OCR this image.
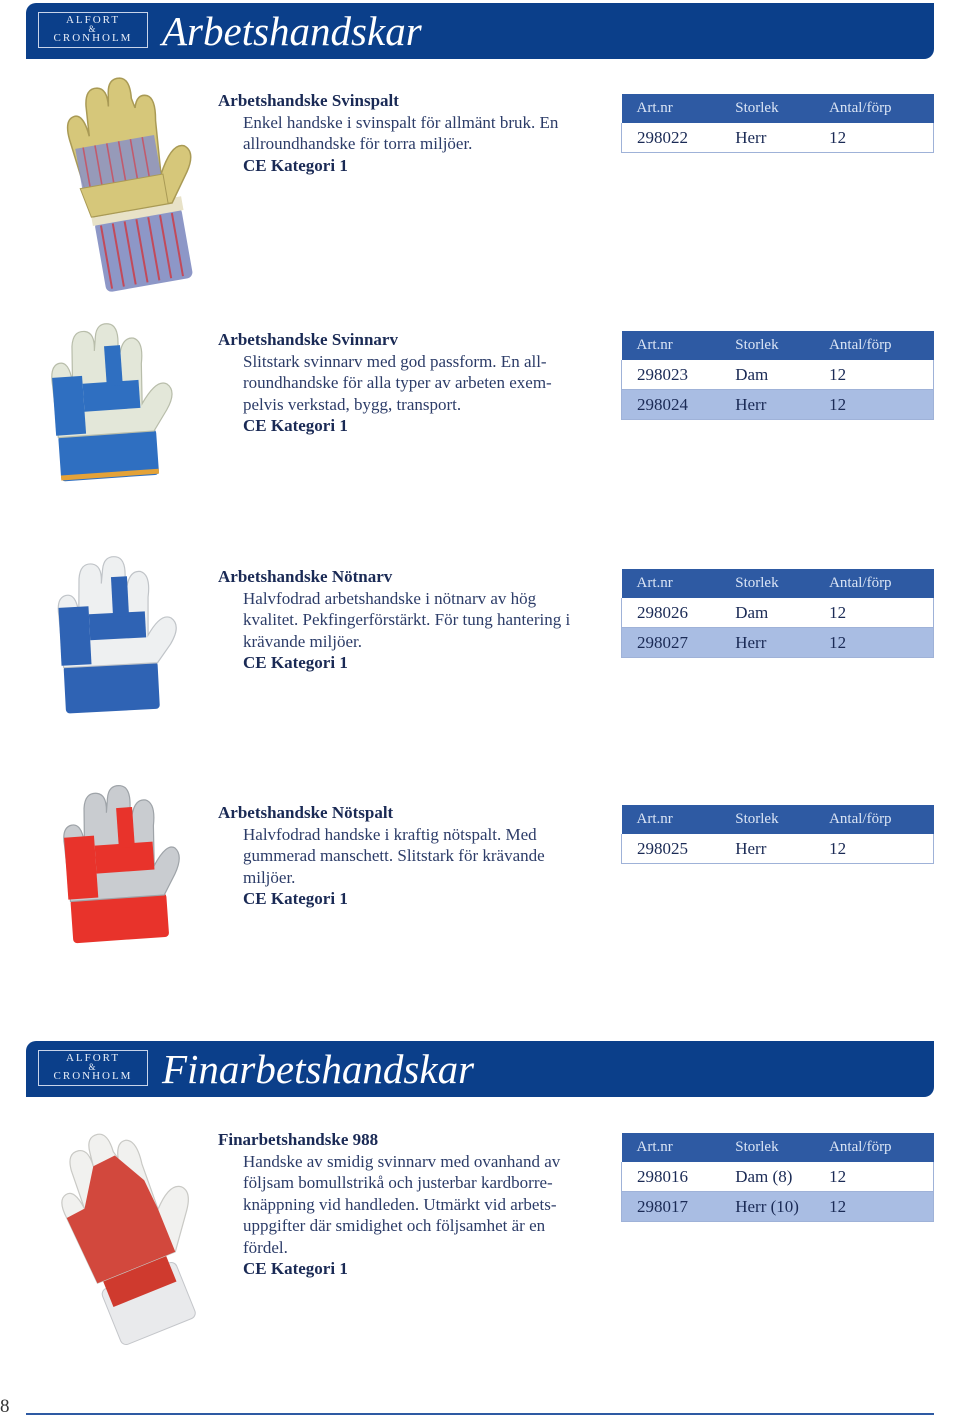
ALFORT
&
CRONHOLM Arbetshandskar

Arbetshandske Svinspalt

Enkel handske i svinspalt för allmänt bruk. En

allroundhandske för torra miljöer.

CE Kategori 1

Art.nr	Storlek	Antal/förp
298022	Herr	12

Arbetshandske Svinnarv

Slitstark svinnarv med god passform. En all-

roundhandske för alla typer av arbeten exem-

pelvis verkstad, bygg, transport.

CE Kategori 1

Art.nr	Storlek	Antal/förp
298023	Dam	12
298024	Herr	12

Arbetshandske Nötnarv

Halvfodrad arbetshandske i nötnarv av hög

kvalitet. Pekfingerförstärkt. För tung hantering i

krävande miljöer.

CE Kategori 1

Art.nr	Storlek	Antal/förp
298026	Dam	12
298027	Herr	12

Arbetshandske Nötspalt

Halvfodrad handske i kraftig nötspalt. Med

gummerad manschett. Slitstark för krävande

miljöer.

CE Kategori 1

Art.nr	Storlek	Antal/förp
298025	Herr	12
ALFORT
&
CRONHOLM Finarbetshandskar

Finarbetshandske 988

Handske av smidig svinnarv med ovanhand av

följsam bomullstrikå och justerbar kardborre-

knäppning vid handleden. Utmärkt vid arbets-

uppgifter där smidighet och följsamhet är en

fördel.

CE Kategori 1

Art.nr	Storlek	Antal/förp
298016	Dam (8)	12
298017	Herr (10)	12
8
